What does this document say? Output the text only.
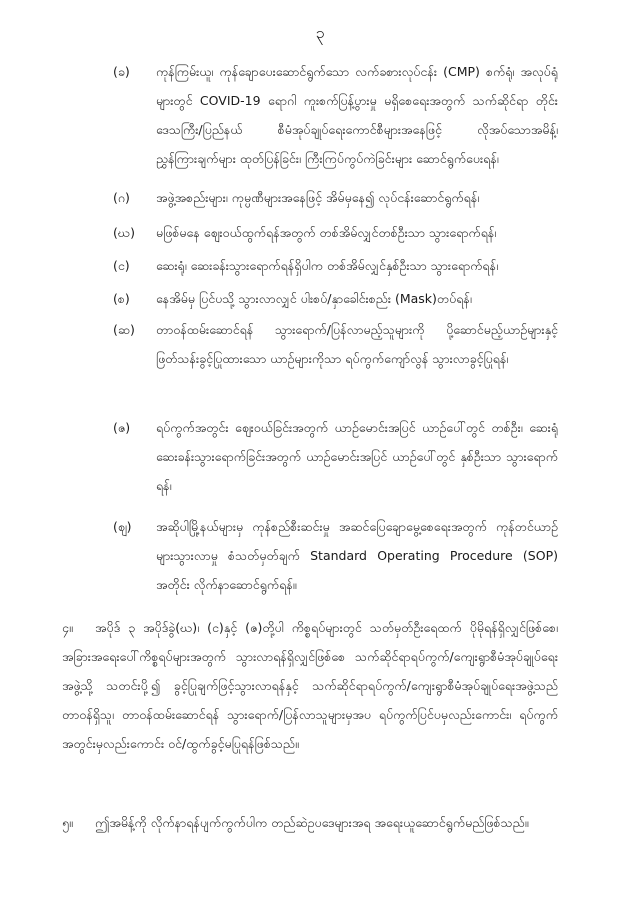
၃
(ခ)	ကုန်ကြမ်းယူ၊ ကုန်ချောပေးဆောင်ရွက်သော လက်ခစားလုပ်ငန်း (CMP) စက်ရုံ၊ အလုပ်ရုံများတွင် COVID-19 ရောဂါ ကူးစက်ပြန့်ပွားမှု မရှိစေရေးအတွက် သက်ဆိုင်ရာ တိုင်းဒေသကြီး/ပြည်နယ် စီမံအုပ်ချုပ်ရေးကောင်စီများအနေဖြင့် လိုအပ်သောအမိန့်၊ ညွှန်ကြားချက်များ ထုတ်ပြန်ခြင်း၊ ကြီးကြပ်ကွပ်ကဲခြင်းများ ဆောင်ရွက်ပေးရန်၊
(ဂ)	အဖွဲ့အစည်းများ၊ ကုမ္ပဏီများအနေဖြင့် အိမ်မှနေ၍ လုပ်ငန်းဆောင်ရွက်ရန်၊
(ဃ)	မဖြစ်မနေ ဈေးဝယ်ထွက်ရန်အတွက် တစ်အိမ်လျှင်တစ်ဦးသာ သွားရောက်ရန်၊
(င)	ဆေးရုံ၊ ဆေးခန်းသွားရောက်ရန်ရှိပါက တစ်အိမ်လျှင်နှစ်ဦးသာ သွားရောက်ရန်၊
(စ)	နေအိမ်မှ ပြင်ပသို့ သွားလာလျှင် ပါးစပ်/နှာခေါင်းစည်း (Mask)တပ်ရန်၊
(ဆ)	တာဝန်ထမ်းဆောင်ရန် သွားရောက်/ပြန်လာမည့်သူများကို ပို့ဆောင်မည့်ယာဉ်များနှင့် ဖြတ်သန်းခွင့်ပြုထားသော ယာဉ်များကိုသာ ရပ်ကွက်ကျော်လွန် သွားလာခွင့်ပြုရန်၊
(ဇ)	ရပ်ကွက်အတွင်း ဈေးဝယ်ခြင်းအတွက် ယာဉ်မောင်းအပြင် ယာဉ်ပေါ်တွင် တစ်ဦး၊ ဆေးရုံဆေးခန်းသွားရောက်ခြင်းအတွက် ယာဉ်မောင်းအပြင် ယာဉ်ပေါ်တွင် နှစ်ဦးသာ သွားရောက်ရန်၊
(ဈ)	အဆိုပါမြို့နယ်များမှ ကုန်စည်စီးဆင်းမှု အဆင်ပြေချောမွေ့စေရေးအတွက် ကုန်တင်ယာဉ်များသွားလာမှု စံသတ်မှတ်ချက် Standard Operating Procedure (SOP) အတိုင်း လိုက်နာဆောင်ရွက်ရန်။
၄။ အပိုဒ် ၃ အပိုဒ်ခွဲ(ဃ)၊ (င)နှင့် (ဇ)တို့ပါ ကိစ္စရပ်များတွင် သတ်မှတ်ဦးရေထက် ပိုမိုရန်ရှိလျှင်ဖြစ်စေ၊ အခြားအရေးပေါ်ကိစ္စရပ်များအတွက် သွားလာရန်ရှိလျှင်ဖြစ်စေ သက်ဆိုင်ရာရပ်ကွက်/ကျေးရွာစီမံအုပ်ချုပ်ရေးအဖွဲ့သို့ သတင်းပို့၍ ခွင့်ပြုချက်ဖြင့်သွားလာရန်နှင့် သက်ဆိုင်ရာရပ်ကွက်/ကျေးရွာစီမံအုပ်ချုပ်ရေးအဖွဲ့သည် တာဝန်ရှိသူ၊ တာဝန်ထမ်းဆောင်ရန် သွားရောက်/ပြန်လာသူများမှအပ ရပ်ကွက်ပြင်ပမှလည်းကောင်း၊ ရပ်ကွက်အတွင်းမှလည်းကောင်း ဝင်/ထွက်ခွင့်မပြုရန်ဖြစ်သည်။
၅။ ဤအမိန့်ကို လိုက်နာရန်ပျက်ကွက်ပါက တည်ဆဲဥပဒေများအရ အရေးယူဆောင်ရွက်မည်ဖြစ်သည်။
